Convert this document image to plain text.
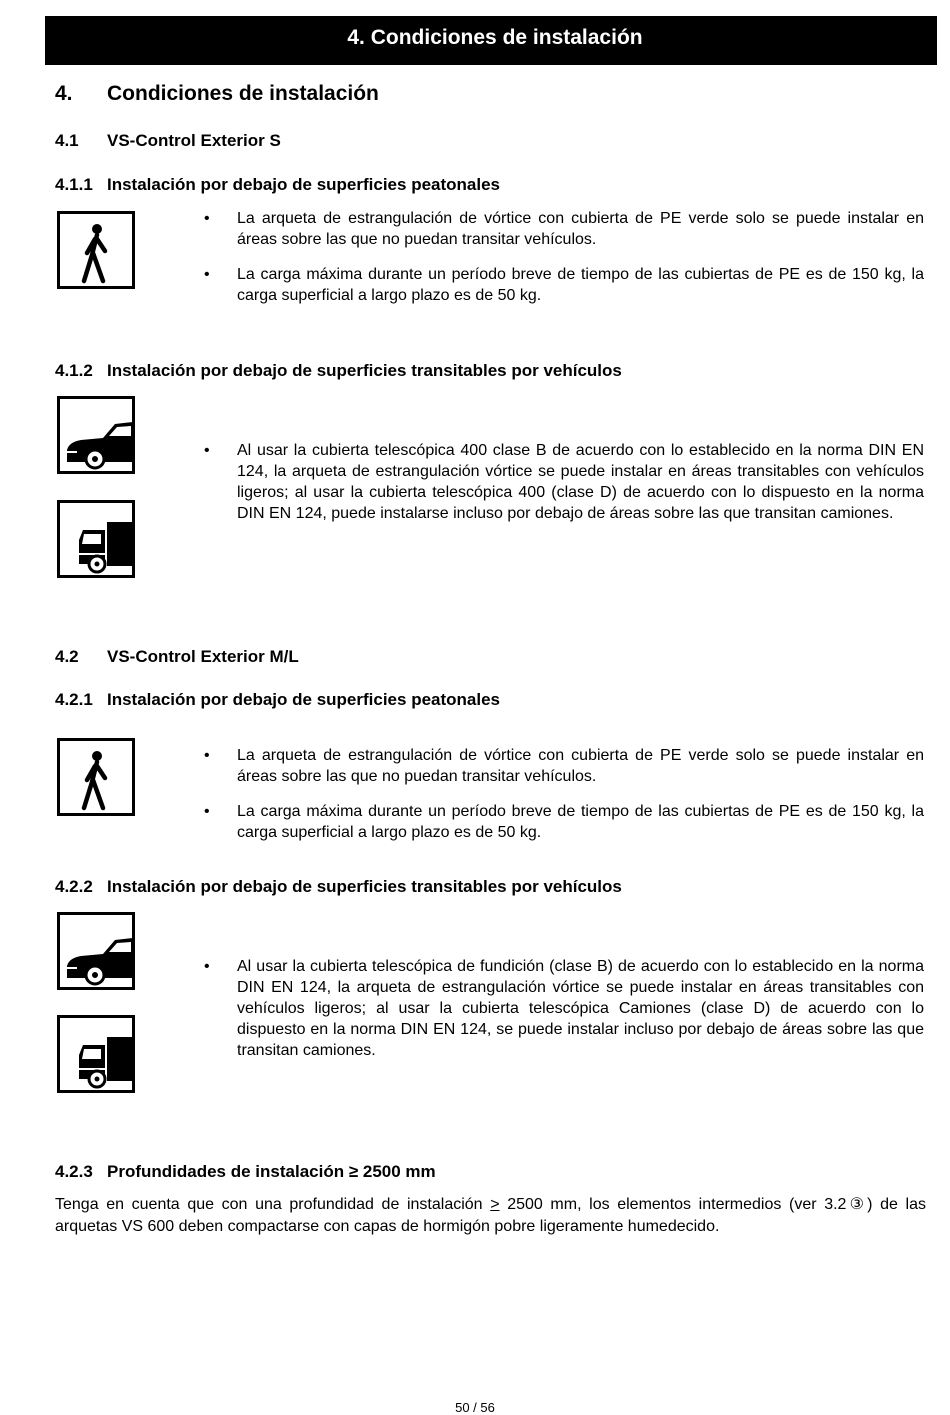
4. Condiciones de instalación
4. Condiciones de instalación
4.1 VS-Control Exterior S
4.1.1 Instalación por debajo de superficies peatonales
• La arqueta de estrangulación de vórtice con cubierta de PE verde solo se puede instalar en áreas sobre las que no puedan transitar vehículos.
• La carga máxima durante un período breve de tiempo de las cubiertas de PE es de 150 kg, la carga superficial a largo plazo es de 50 kg.
4.1.2 Instalación por debajo de superficies transitables por vehículos
• Al usar la cubierta telescópica 400 clase B de acuerdo con lo establecido en la norma DIN EN 124, la arqueta de estrangulación vórtice se puede instalar en áreas transitables con vehículos ligeros; al usar la cubierta telescópica 400 (clase D) de acuerdo con lo dispuesto en la norma DIN EN 124, puede instalarse incluso por debajo de áreas sobre las que transitan camiones.
4.2 VS-Control Exterior M/L
4.2.1 Instalación por debajo de superficies peatonales
• La arqueta de estrangulación de vórtice con cubierta de PE verde solo se puede instalar en áreas sobre las que no puedan transitar vehículos.
• La carga máxima durante un período breve de tiempo de las cubiertas de PE es de 150 kg, la carga superficial a largo plazo es de 50 kg.
4.2.2 Instalación por debajo de superficies transitables por vehículos
• Al usar la cubierta telescópica de fundición (clase B) de acuerdo con lo establecido en la norma DIN EN 124, la arqueta de estrangulación vórtice se puede instalar en áreas transitables con vehículos ligeros; al usar la cubierta telescópica Camiones (clase D) de acuerdo con lo dispuesto en la norma DIN EN 124, se puede instalar incluso por debajo de áreas sobre las que transitan camiones.
4.2.3 Profundidades de instalación ≥ 2500 mm
Tenga en cuenta que con una profundidad de instalación ≥ 2500 mm, los elementos intermedios (ver 3.2③) de las arquetas VS 600 deben compactarse con capas de hormigón pobre ligeramente humedecido.
50 / 56
